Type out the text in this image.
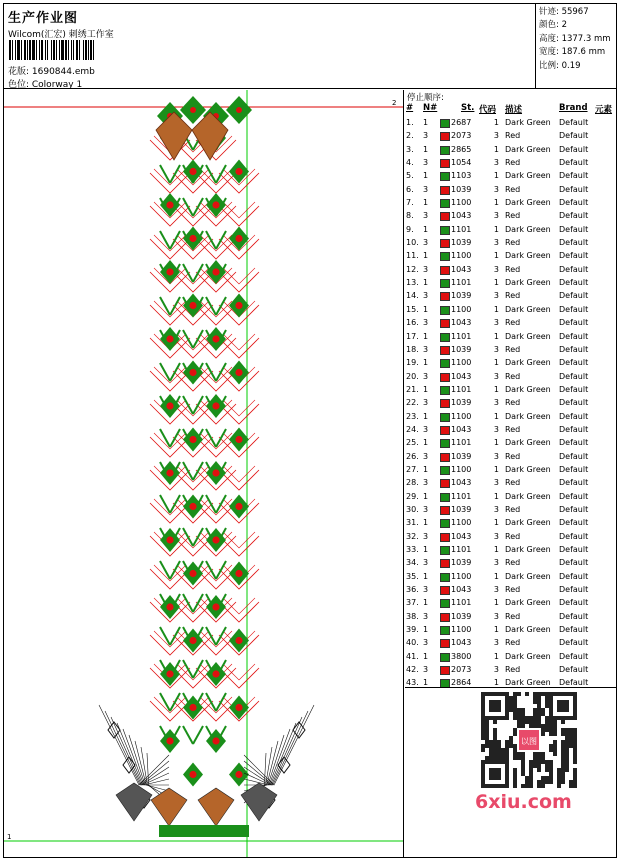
生产作业图
Wilcom(汇宏) 刺绣工作室
花版: 1690844.emb
色位: Colorway 1
针迹: 55967
颜色: 2
高度: 1377.3 mm
宽度: 187.6 mm
比例: 0.19
2
1
停止顺序:
# N#	St. 代码 描述	Brand 元素
1. 1	2687	1 Dark Green Default
2. 3	2073	3 Red	Default
3. 1	2865	1 Dark Green Default
4. 3	1054	3 Red	Default
5. 1	1103	1 Dark Green Default
6. 3	1039	3 Red	Default
7. 1	1100	1 Dark Green Default
8. 3	1043	3 Red	Default
9. 1	1101	1 Dark Green Default
10. 3	1039	3 Red	Default
11. 1	1100	1 Dark Green Default
12. 3	1043	3 Red	Default
13. 1	1101	1 Dark Green Default
14. 3	1039	3 Red	Default
15. 1	1100	1 Dark Green Default
16. 3	1043	3 Red	Default
17. 1	1101	1 Dark Green Default
18. 3	1039	3 Red	Default
19. 1	1100	1 Dark Green Default
20. 3	1043	3 Red	Default
21. 1	1101	1 Dark Green Default
22. 3	1039	3 Red	Default
23. 1	1100	1 Dark Green Default
24. 3	1043	3 Red	Default
25. 1	1101	1 Dark Green Default
26. 3	1039	3 Red	Default
27. 1	1100	1 Dark Green Default
28. 3	1043	3 Red	Default
29. 1	1101	1 Dark Green Default
30. 3	1039	3 Red	Default
31. 1	1100	1 Dark Green Default
32. 3	1043	3 Red	Default
33. 1	1101	1 Dark Green Default
34. 3	1039	3 Red	Default
35. 1	1100	1 Dark Green Default
36. 3	1043	3 Red	Default
37. 1	1101	1 Dark Green Default
38. 3	1039	3 Red	Default
39. 1	1100	1 Dark Green Default
40. 3	1043	3 Red	Default
41. 1	3800	1 Dark Green Default
42. 3	2073	3 Red	Default
43. 1	2864	1 Dark Green Default
以图
6xiu.com
